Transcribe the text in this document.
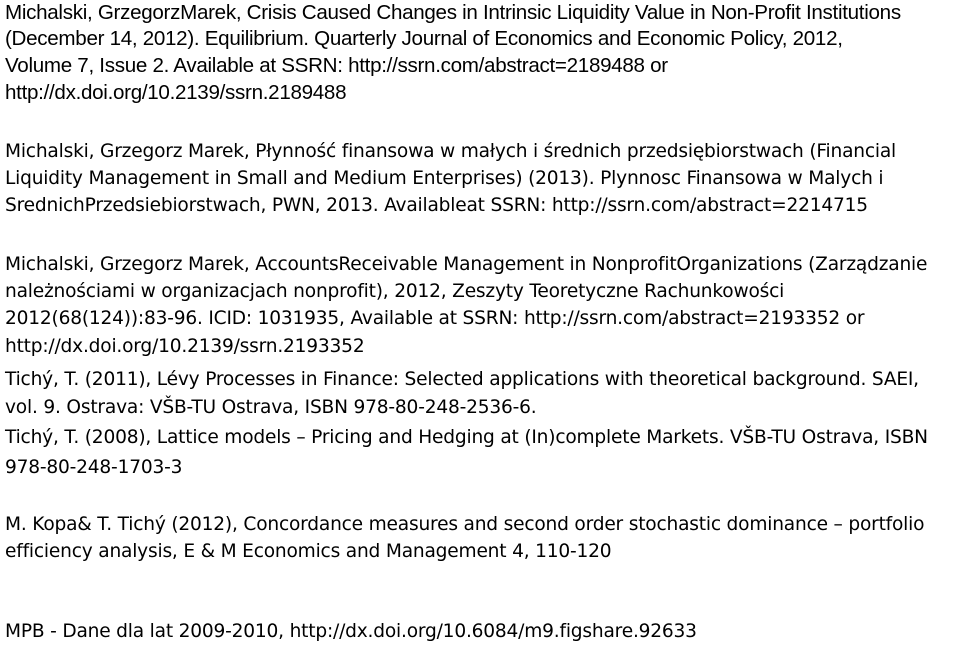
Michalski, GrzegorzMarek, Crisis Caused Changes in Intrinsic Liquidity Value in Non-Profit Institutions
(December 14, 2012). Equilibrium. Quarterly Journal of Economics and Economic Policy, 2012,
Volume 7, Issue 2. Available at SSRN: http://ssrn.com/abstract=2189488 or
http://dx.doi.org/10.2139/ssrn.2189488
Michalski, Grzegorz Marek, Płynność finansowa w małych i średnich przedsiębiorstwach (Financial
Liquidity Management in Small and Medium Enterprises) (2013). Plynnosc Finansowa w Malych i
SrednichPrzedsiebiorstwach, PWN, 2013. Availableat SSRN: http://ssrn.com/abstract=2214715
Michalski, Grzegorz Marek, AccountsReceivable Management in NonprofitOrganizations (Zarządzanie
należnościami w organizacjach nonprofit), 2012, Zeszyty Teoretyczne Rachunkowości
2012(68(124)):83-96. ICID: 1031935, Available at SSRN: http://ssrn.com/abstract=2193352 or
http://dx.doi.org/10.2139/ssrn.2193352
Tichý, T. (2011), Lévy Processes in Finance: Selected applications with theoretical background. SAEI,
vol. 9. Ostrava: VŠB-TU Ostrava, ISBN 978-80-248-2536-6.
Tichý, T. (2008), Lattice models – Pricing and Hedging at (In)complete Markets. VŠB-TU Ostrava, ISBN
978-80-248-1703-3
M. Kopa& T. Tichý (2012), Concordance measures and second order stochastic dominance – portfolio
efficiency analysis, E & M Economics and Management 4, 110-120
MPB - Dane dla lat 2009-2010, http://dx.doi.org/10.6084/m9.figshare.92633
